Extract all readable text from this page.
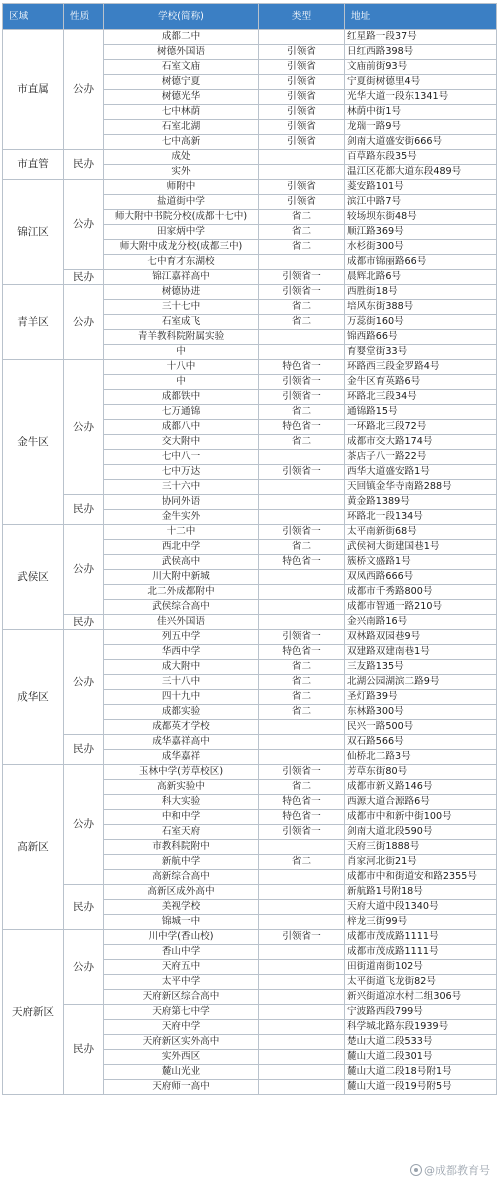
区域	性质	学校(简称)	类型	地址
市直属	公办	成都二中		红星路一段37号
		树德外国语	引领省	日红西路398号
		石室文庙	引领省	文庙前街93号
		树德宁夏	引领省	宁夏街树德里4号
		树德光华	引领省	光华大道一段东1341号
		七中林荫	引领省	林荫中街1号
		石室北湖	引领省	龙瑞一路9号
		七中高新	引领省	剑南大道盛安街666号
市直管	民办	成处		百草路东段35号
		实外		温江区花都大道东段489号
锦江区	公办	师附中	引领省	菱安路101号
		盐道街中学	引领省	滨江中路7号
		师大附中书院分校(成都十七中)	省二	较场坝东街48号
		田家炳中学	省二	顺江路369号
		师大附中成龙分校(成都三中)	省二	水杉街300号
		七中育才东湖校		成都市锦丽路66号
	民办	锦江嘉祥高中	引领省一	晨辉北路6号
青羊区	公办	树德协进	引领省一	西胜街18号
		三十七中	省二	培风东街388号
		石室成飞	省二	万蕊街160号
		青羊教科院附属实验		锦西路66号
		中		育婴堂街33号
金牛区	公办	十八中	特色省一	环路西三段金罗路4号
		中	引领省一	金牛区育英路6号
		成都铁中	引领省一	环路北三段34号
		七万通锦	省二	通锦路15号
		成都八中	特色省一	一环路北三段72号
		交大附中	省二	成都市交大路174号
		七中八一		茶店子八一路22号
		七中万达	引领省一	西华大道盛安路1号
		三十六中		天回镇金华寺南路288号
	民办	协同外语		黄金路1389号
		金牛实外		环路北一段134号
武侯区	公办	十二中	引领省一	太平南新街68号
		西北中学	省二	武侯祠大街建国巷1号
		武侯高中	特色省一	簇桥文盛路1号
		川大附中新城		双凤西路666号
		北二外成都附中		成都市千秀路800号
		武侯综合高中		成都市智通一路210号
	民办	佳兴外国语		金兴南路16号
成华区	公办	列五中学	引领省一	双林路双园巷9号
		华西中学	特色省一	双建路双建南巷1号
		成大附中	省二	三友路135号
		三十八中	省二	北湖公园湖滨二路9号
		四十九中	省二	圣灯路39号
		成都实验	省二	东林路300号
		成都英才学校		民兴一路500号
	民办	成华嘉祥高中		双石路566号
		成华嘉祥		仙桥北二路3号
高新区	公办	玉林中学(芳草校区)	引领省一	芳草东街80号
		高新实验中	省二	成都市新义路146号
		科大实验	特色省一	西源大道合源路6号
		中和中学	特色省一	成都市中和新中街100号
		石室天府	引领省一	剑南大道北段590号
		市教科院附中		天府三街1888号
		新航中学	省二	肖家河北街21号
		高新综合高中		成都市中和街道安和路2355号
	民办	高新区成外高中		新航路1号附18号
		美视学校		天府大道中段1340号
		锦城一中		梓龙三街99号
天府新区	公办	川中学(香山校)	引领省一	成都市茂成路1111号
		香山中学		成都市茂成路1111号
		天府五中		田街道南街102号
		太平中学		太平街道飞龙街82号
		天府新区综合高中		新兴街道凉水村二组306号
	民办	天府第七中学		宁波路西段799号
		天府中学		科学城北路东段1939号
		天府新区实外高中		楚山大道二段533号
		实外西区		麓山大道二段301号
		麓山光业		麓山大道二段18号附1号
		天府师一高中		麓山大道一段19号附5号
@成都教育号
